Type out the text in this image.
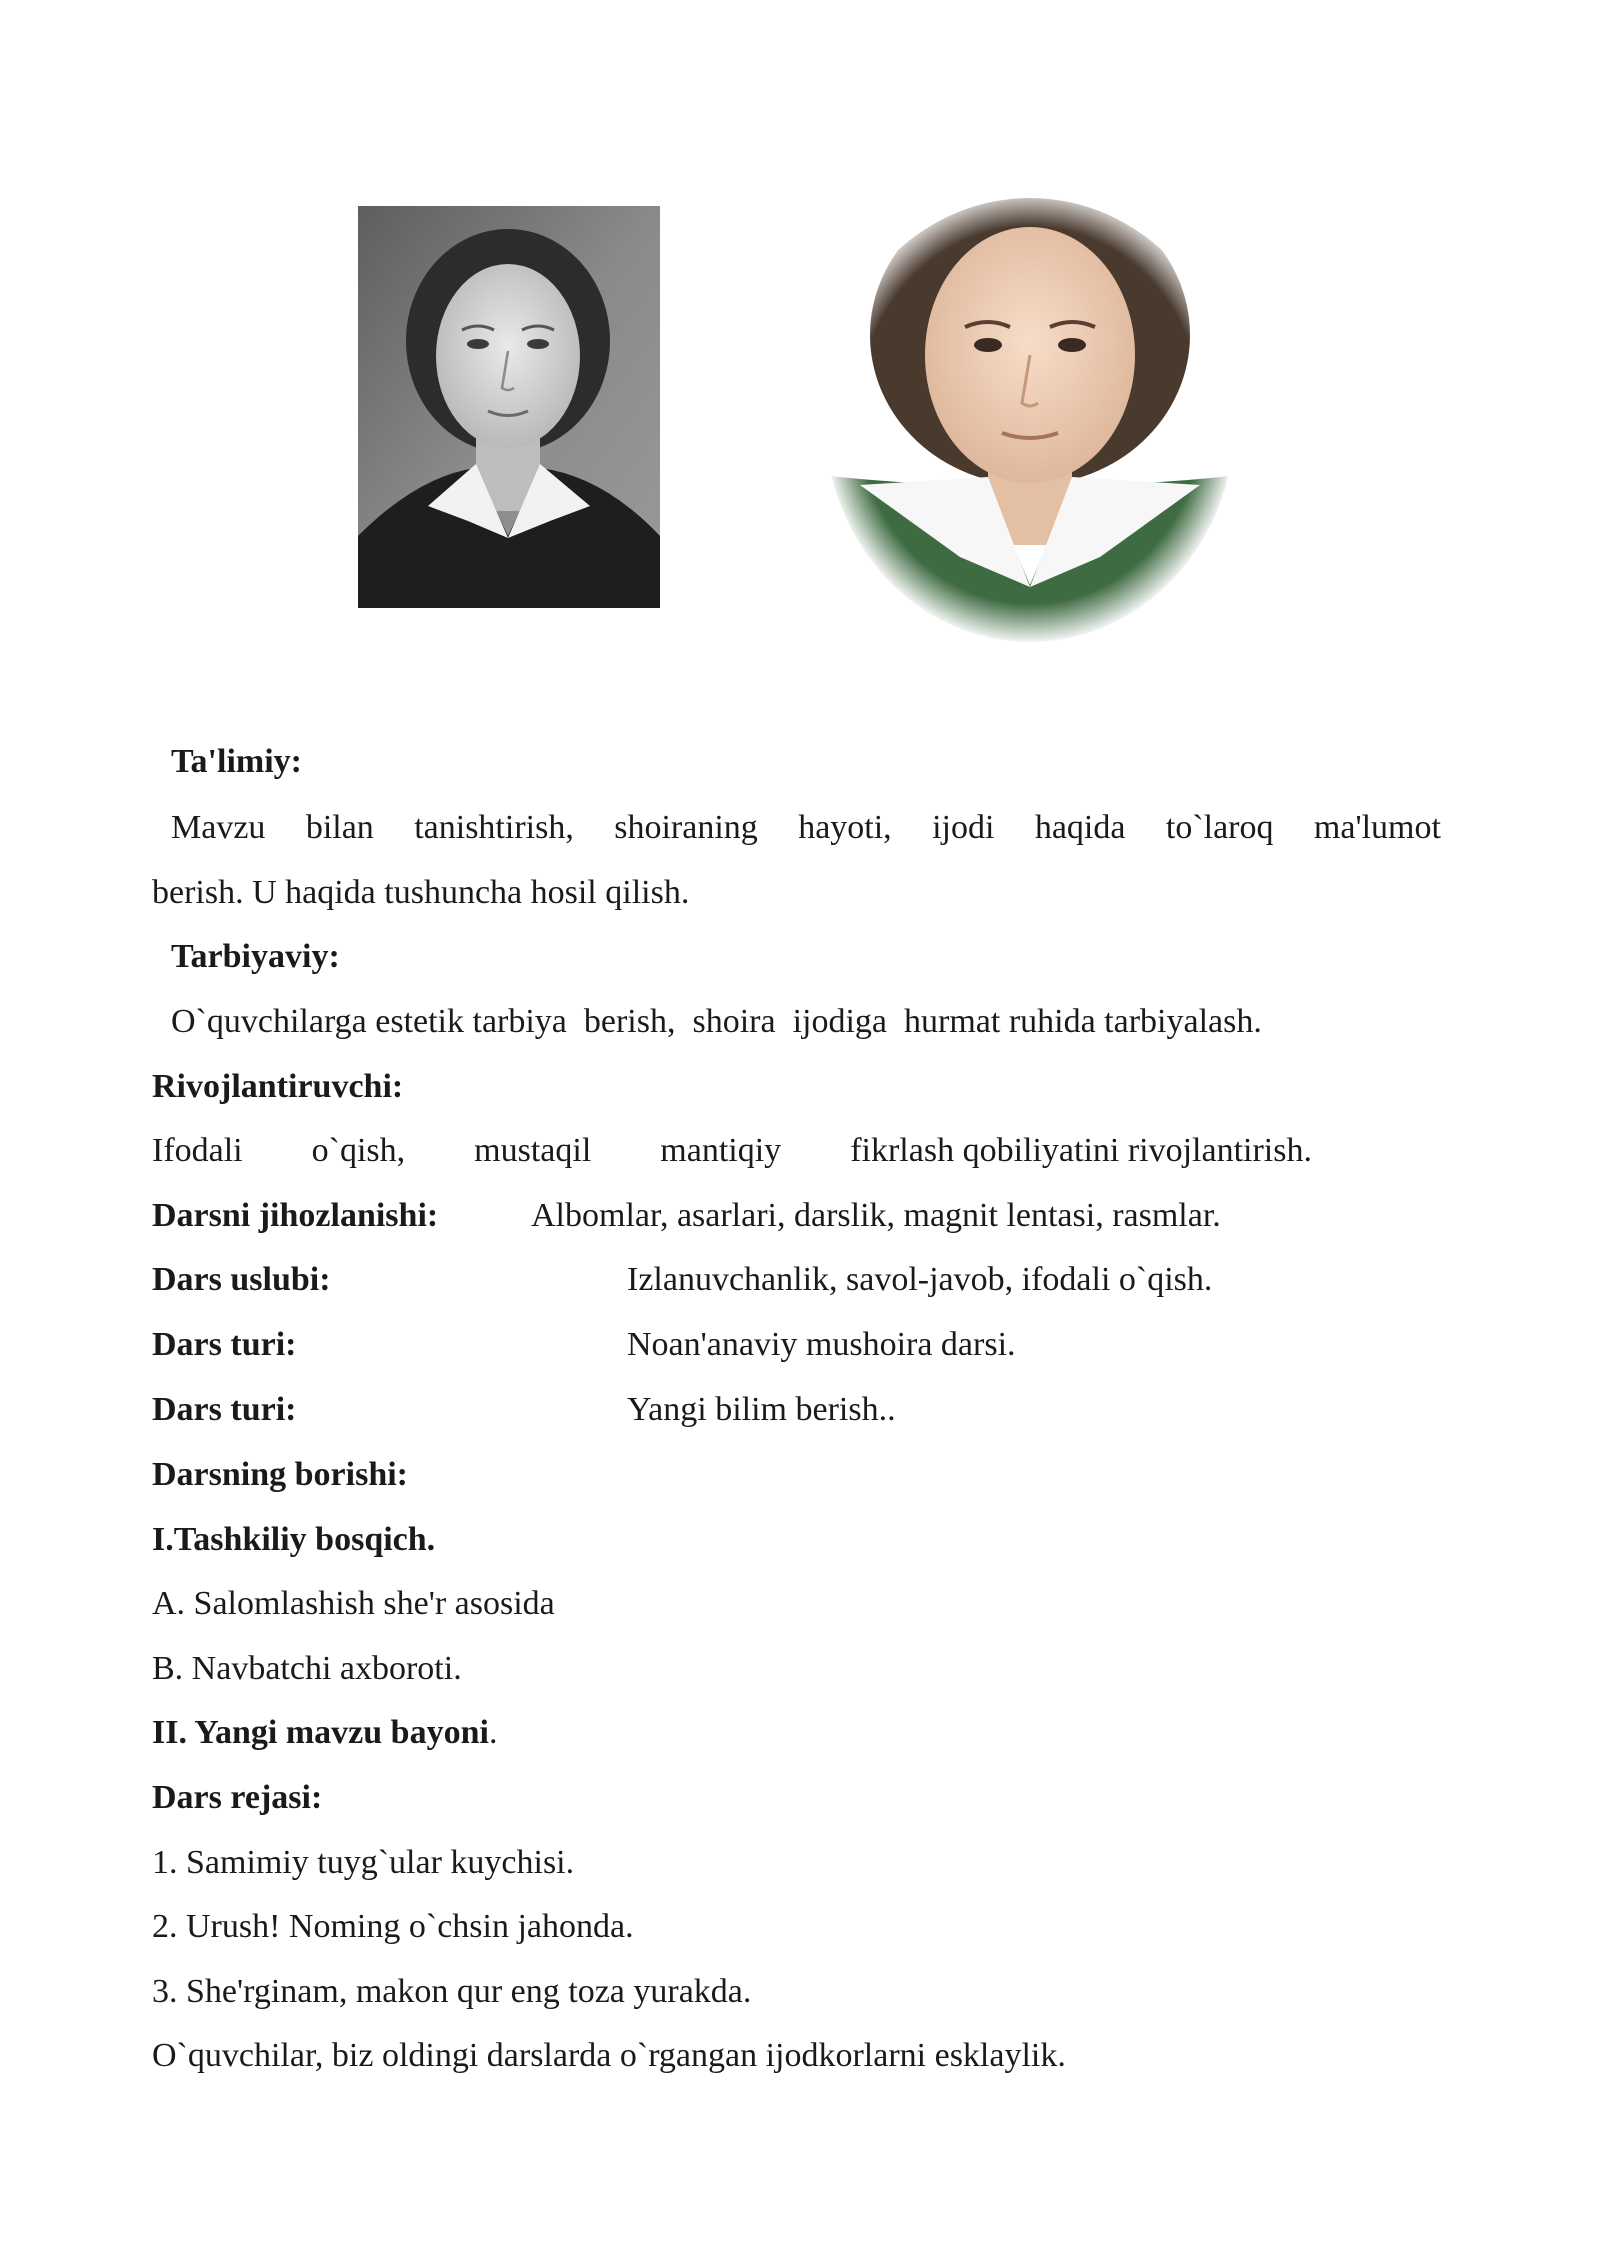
Ta'limiy:
Mavzu bilan tanishtirish, shoiraning hayoti, ijodi haqida to`laroq ma'lumot
berish. U haqida tushuncha hosil qilish.
Tarbiyaviy:
O`quvchilarga estetik tarbiya  berish,  shoira  ijodiga  hurmat ruhida tarbiyalash.
Rivojlantiruvchi:
Ifodali o`qish, mustaqil mantiqiy fikrlash qobiliyatini rivojlantirish.
Darsni jihozlanishi:	Albomlar, asarlari, darslik, magnit lentasi, rasmlar.
Dars uslubi:	Izlanuvchanlik, savol-javob, ifodali o`qish.
Dars turi:	Noan'anaviy mushoira darsi.
Dars turi:	Yangi bilim berish..
Darsning borishi:
I.Tashkiliy bosqich.
A. Salomlashish she'r asosida
B. Navbatchi axboroti.
II. Yangi mavzu bayoni.
Dars rejasi:
1. Samimiy tuyg`ular kuychisi.
2. Urush! Noming o`chsin jahonda.
3. She'rginam, makon qur eng toza yurakda.
O`quvchilar, biz oldingi darslarda o`rgangan ijodkorlarni esklaylik.
